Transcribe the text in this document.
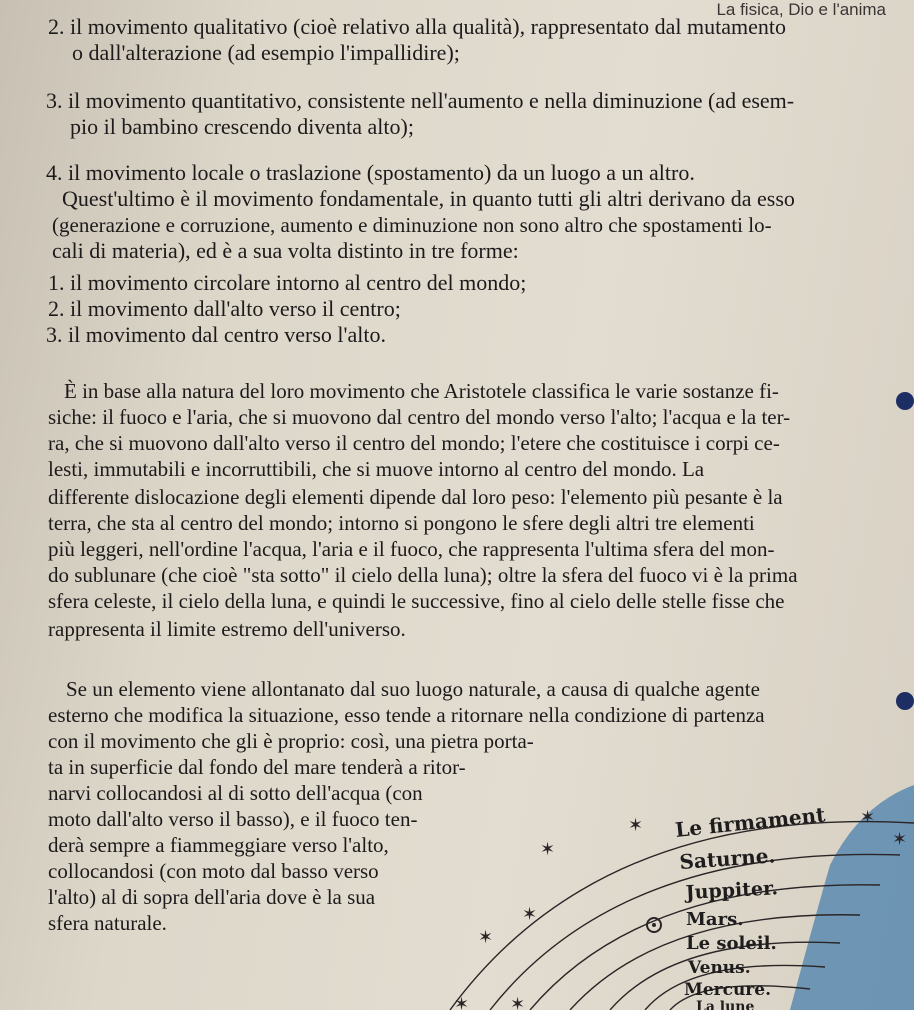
La fisica, Dio e l'anima
2. il movimento qualitativo (cioè relativo alla qualità), rappresentato dal mutamento
o dall'alterazione (ad esempio l'impallidire);
3. il movimento quantitativo, consistente nell'aumento e nella diminuzione (ad esem-
pio il bambino crescendo diventa alto);
4. il movimento locale o traslazione (spostamento) da un luogo a un altro.
Quest'ultimo è il movimento fondamentale, in quanto tutti gli altri derivano da esso
(generazione e corruzione, aumento e diminuzione non sono altro che spostamenti lo-
cali di materia), ed è a sua volta distinto in tre forme:
1. il movimento circolare intorno al centro del mondo;
2. il movimento dall'alto verso il centro;
3. il movimento dal centro verso l'alto.
È in base alla natura del loro movimento che Aristotele classifica le varie sostanze fi-
siche: il fuoco e l'aria, che si muovono dal centro del mondo verso l'alto; l'acqua e la ter-
ra, che si muovono dall'alto verso il centro del mondo; l'etere che costituisce i corpi ce-
lesti, immutabili e incorruttibili, che si muove intorno al centro del mondo. La
differente dislocazione degli elementi dipende dal loro peso: l'elemento più pesante è la
terra, che sta al centro del mondo; intorno si pongono le sfere degli altri tre elementi
più leggeri, nell'ordine l'acqua, l'aria e il fuoco, che rappresenta l'ultima sfera del mon-
do sublunare (che cioè "sta sotto" il cielo della luna); oltre la sfera del fuoco vi è la prima
sfera celeste, il cielo della luna, e quindi le successive, fino al cielo delle stelle fisse che
rappresenta il limite estremo dell'universo.
Se un elemento viene allontanato dal suo luogo naturale, a causa di qualche agente
esterno che modifica la situazione, esso tende a ritornare nella condizione di partenza
con il movimento che gli è proprio: così, una pietra porta-
ta in superficie dal fondo del mare tenderà a ritor-
narvi collocandosi al di sotto dell'acqua (con
moto dall'alto verso il basso), e il fuoco ten-
derà sempre a fiammeggiare verso l'alto,
collocandosi (con moto dal basso verso
l'alto) al di sopra dell'aria dove è la sua
sfera naturale.
✶
✶
✶
✶
✶
✶
✶ ✶
Le firmament
Saturne.
Juppiter.
Mars.
Le soleil.
Venus.
Mercure.
La lune
